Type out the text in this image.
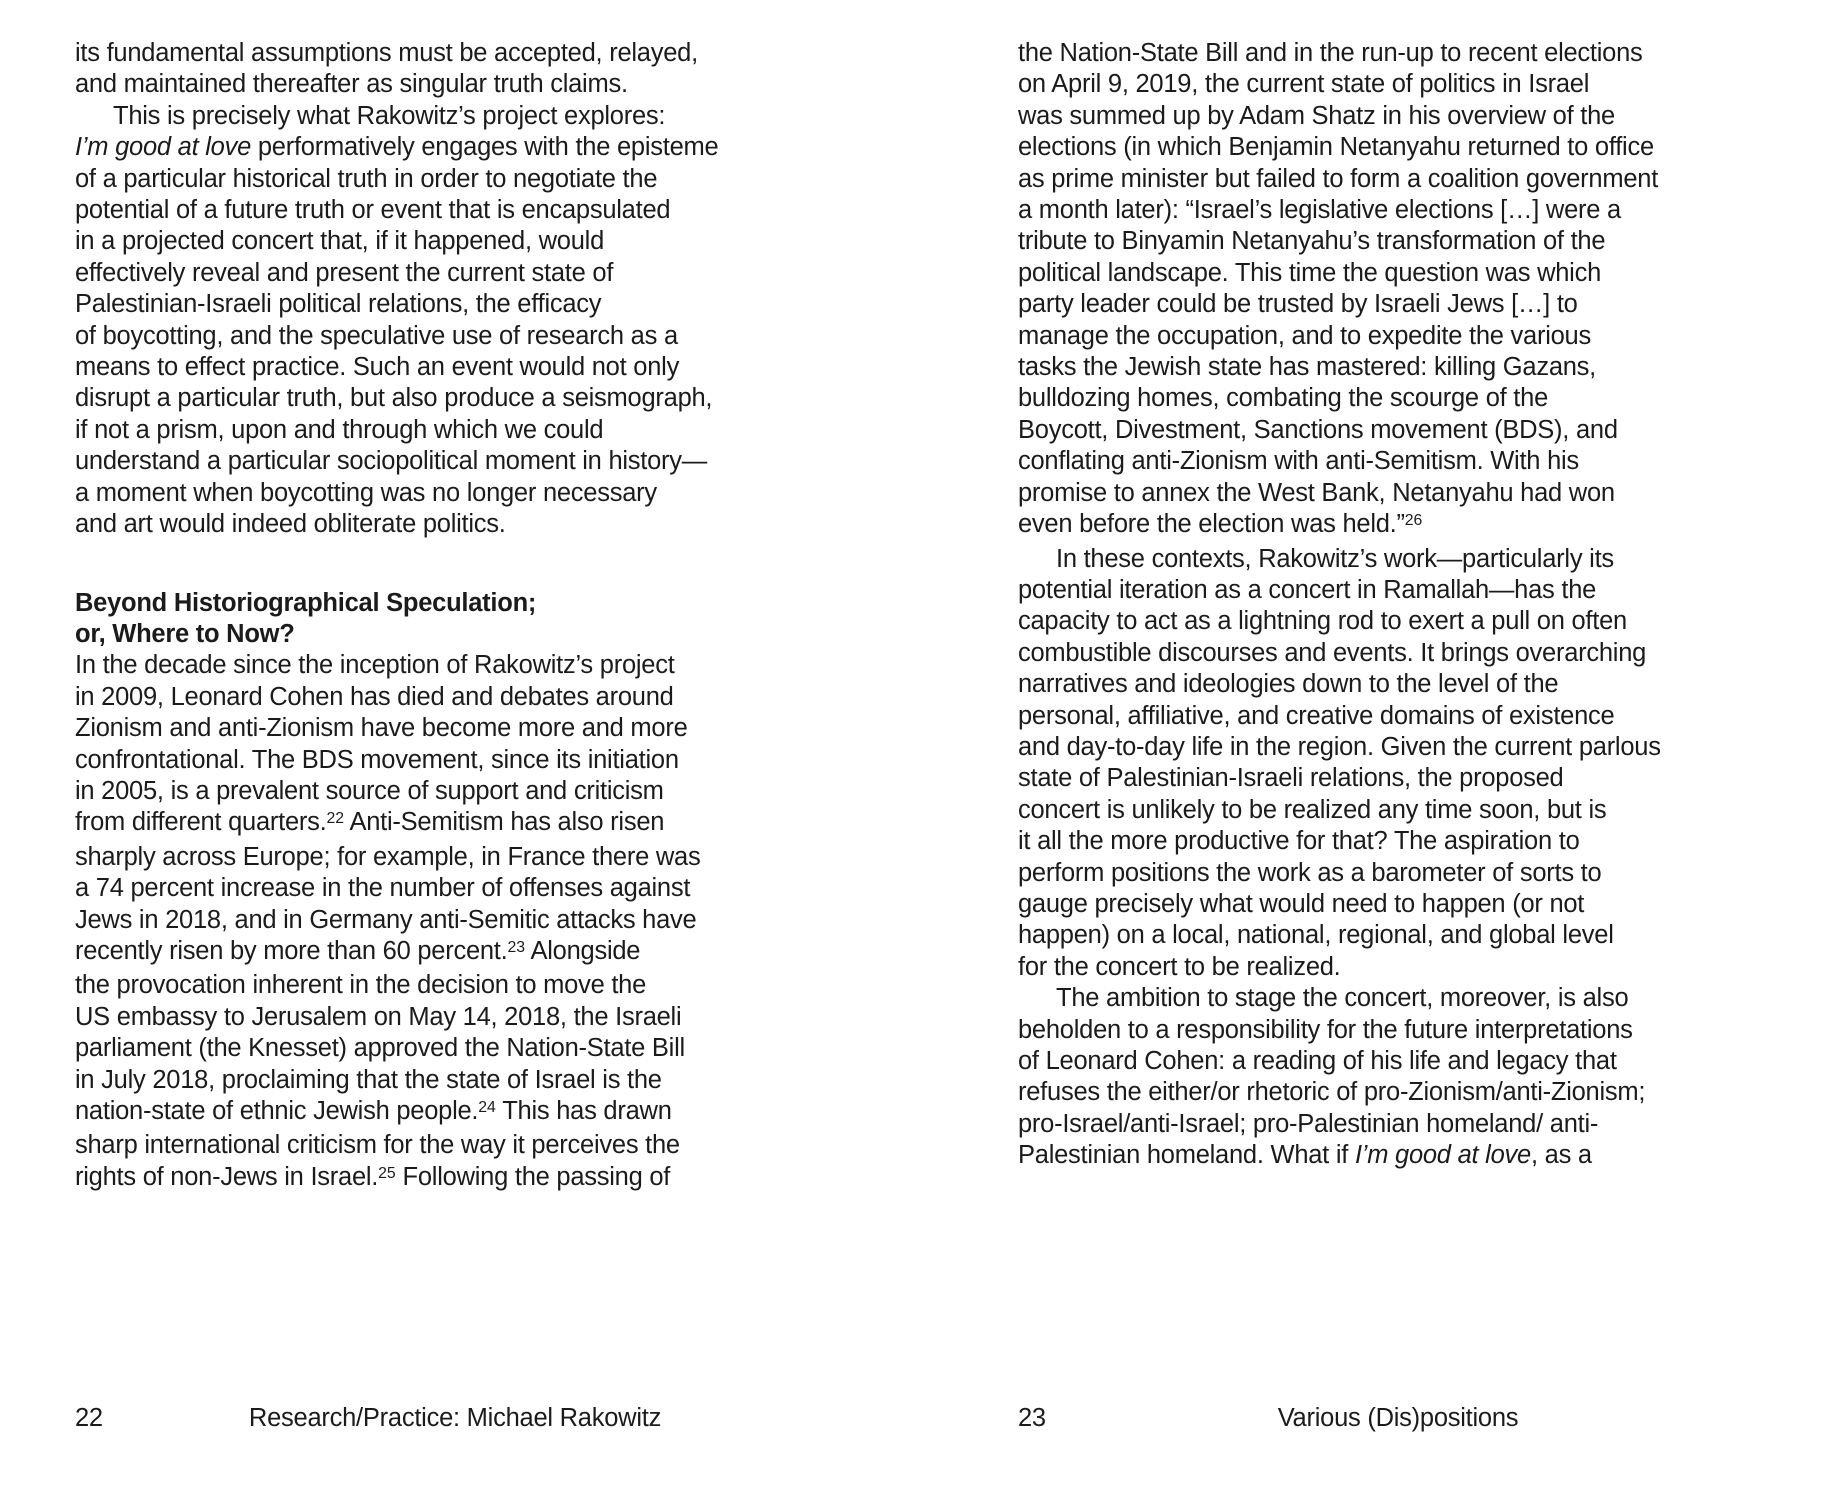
its fundamental assumptions must be accepted, relayed,
and maintained thereafter as singular truth claims.
This is precisely what Rakowitz’s project explores:
I’m good at love performatively engages with the episteme
of a particular historical truth in order to negotiate the
potential of a future truth or event that is encapsulated
in a projected concert that, if it happened, would
effectively reveal and present the current state of
Palestinian-Israeli political relations, the efficacy
of boycotting, and the speculative use of research as a
means to effect practice. Such an event would not only
disrupt a particular truth, but also produce a seismograph,
if not a prism, upon and through which we could
understand a particular sociopolitical moment in history—
a moment when boycotting was no longer necessary
and art would indeed obliterate politics.
Beyond Historiographical Speculation;
or, Where to Now?
In the decade since the inception of Rakowitz’s project
in 2009, Leonard Cohen has died and debates around
Zionism and anti-Zionism have become more and more
confrontational. The BDS movement, since its initiation
in 2005, is a prevalent source of support and criticism
from different quarters.$^{22}$ Anti-Semitism has also risen
sharply across Europe; for example, in France there was
a 74 percent increase in the number of offenses against
Jews in 2018, and in Germany anti-Semitic attacks have
recently risen by more than 60 percent.$^{23}$ Alongside
the provocation inherent in the decision to move the
US embassy to Jerusalem on May 14, 2018, the Israeli
parliament (the Knesset) approved the Nation-State Bill
in July 2018, proclaiming that the state of Israel is the
nation-state of ethnic Jewish people.$^{24}$ This has drawn
sharp international criticism for the way it perceives the
rights of non-Jews in Israel.$^{25}$ Following the passing of
22	Research/Practice: Michael Rakowitz
the Nation-State Bill and in the run-up to recent elections
on April 9, 2019, the current state of politics in Israel
was summed up by Adam Shatz in his overview of the
elections (in which Benjamin Netanyahu returned to office
as prime minister but failed to form a coalition government
a month later): “Israel’s legislative elections […] were a
tribute to Binyamin Netanyahu’s transformation of the
political landscape. This time the question was which
party leader could be trusted by Israeli Jews […] to
manage the occupation, and to expedite the various
tasks the Jewish state has mastered: killing Gazans,
bulldozing homes, combating the scourge of the
Boycott, Divestment, Sanctions movement (BDS), and
conflating anti-Zionism with anti-Semitism. With his
promise to annex the West Bank, Netanyahu had won
even before the election was held.”$^{26}$
In these contexts, Rakowitz’s work—particularly its
potential iteration as a concert in Ramallah—has the
capacity to act as a lightning rod to exert a pull on often
combustible discourses and events. It brings overarching
narratives and ideologies down to the level of the
personal, affiliative, and creative domains of existence
and day-to-day life in the region. Given the current parlous
state of Palestinian-Israeli relations, the proposed
concert is unlikely to be realized any time soon, but is
it all the more productive for that? The aspiration to
perform positions the work as a barometer of sorts to
gauge precisely what would need to happen (or not
happen) on a local, national, regional, and global level
for the concert to be realized.
The ambition to stage the concert, moreover, is also
beholden to a responsibility for the future interpretations
of Leonard Cohen: a reading of his life and legacy that
refuses the either/or rhetoric of pro-Zionism/anti-Zionism;
pro-Israel/anti-Israel; pro-Palestinian homeland/ anti-
Palestinian homeland. What if I’m good at love, as a
23	Various (Dis)positions
